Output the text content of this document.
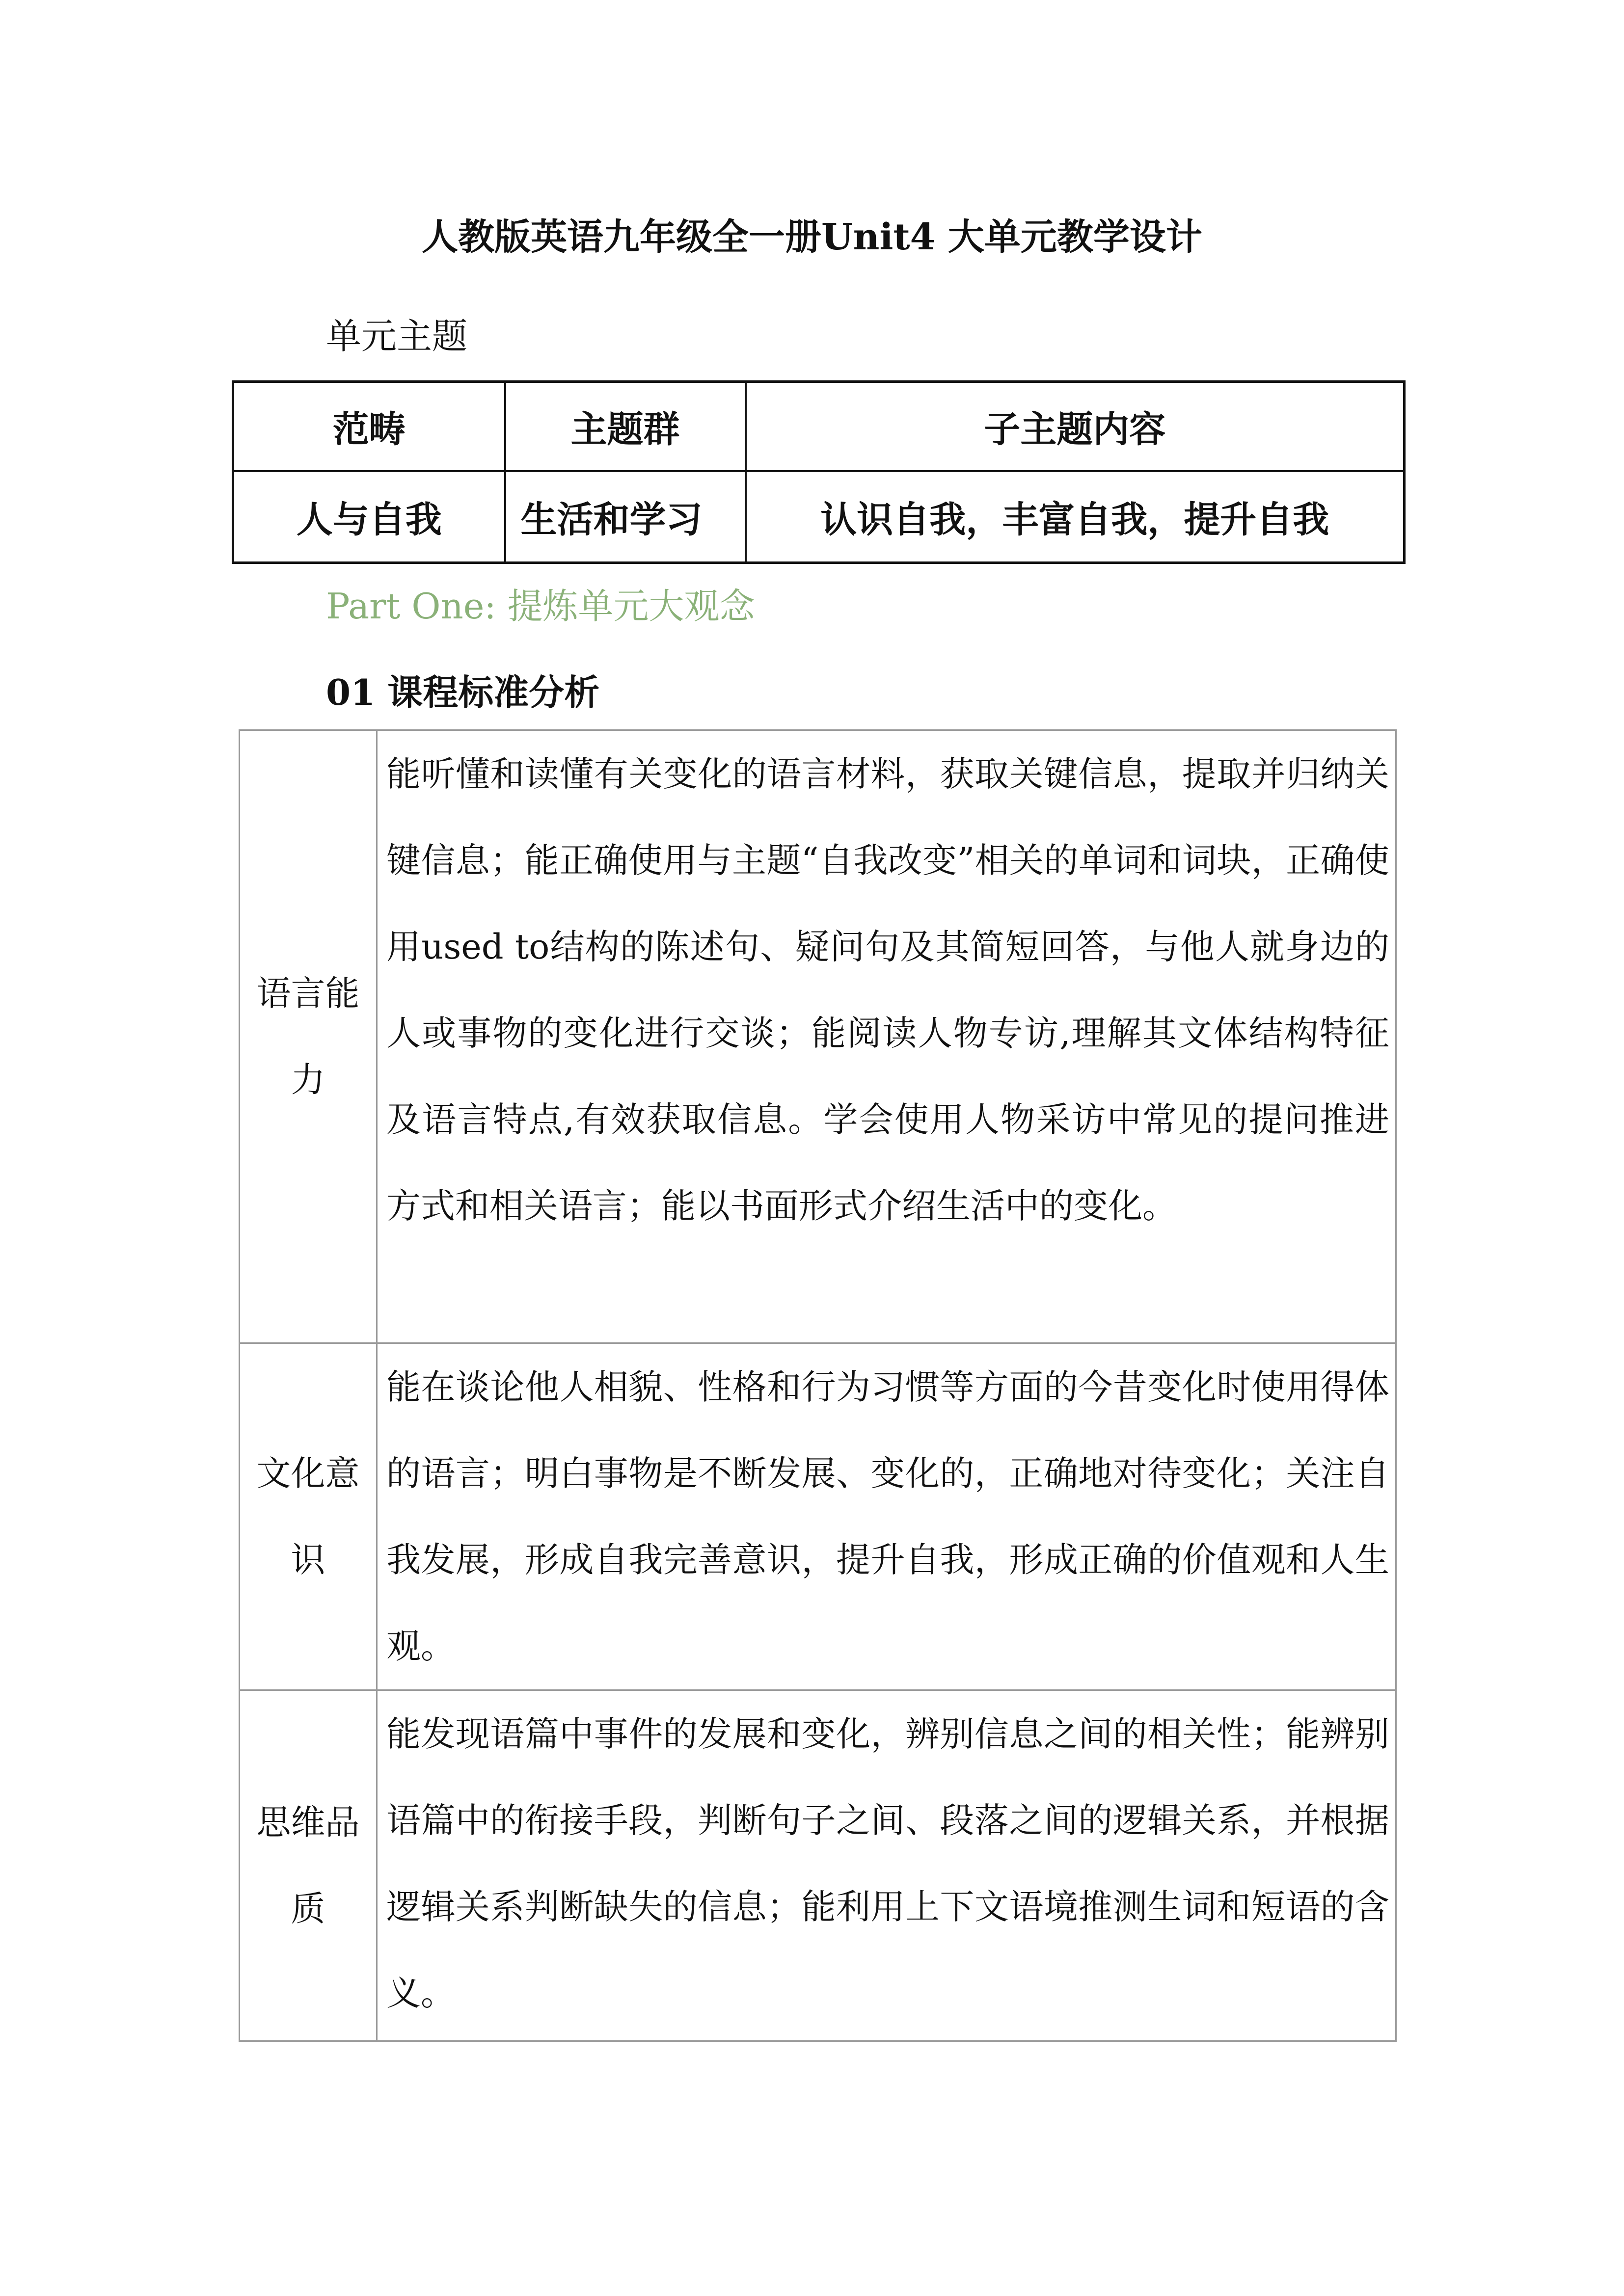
人教版英语九年级全一册Unit4 大单元教学设计

单元主题

范畴	主题群	子主题内容
人与自我	生活和学习	认识自我，丰富自我，提升自我

Part One: 提炼单元大观念

01 课程标准分析

语言能力	能听懂和读懂有关变化的语言材料，获取关键信息，提取并归纳关键信息；能正确使用与主题“自我改变”相关的单词和词块，正确使用used to结构的陈述句、疑问句及其简短回答，与他人就身边的人或事物的变化进行交谈；能阅读人物专访,理解其文体结构特征及语言特点,有效获取信息。学会使用人物采访中常见的提问推进方式和相关语言；能以书面形式介绍生活中的变化。
文化意识	能在谈论他人相貌、性格和行为习惯等方面的今昔变化时使用得体的语言；明白事物是不断发展、变化的，正确地对待变化；关注自我发展，形成自我完善意识，提升自我，形成正确的价值观和人生观。
思维品质	能发现语篇中事件的发展和变化，辨别信息之间的相关性；能辨别语篇中的衔接手段，判断句子之间、段落之间的逻辑关系，并根据逻辑关系判断缺失的信息；能利用上下文语境推测生词和短语的含义。
